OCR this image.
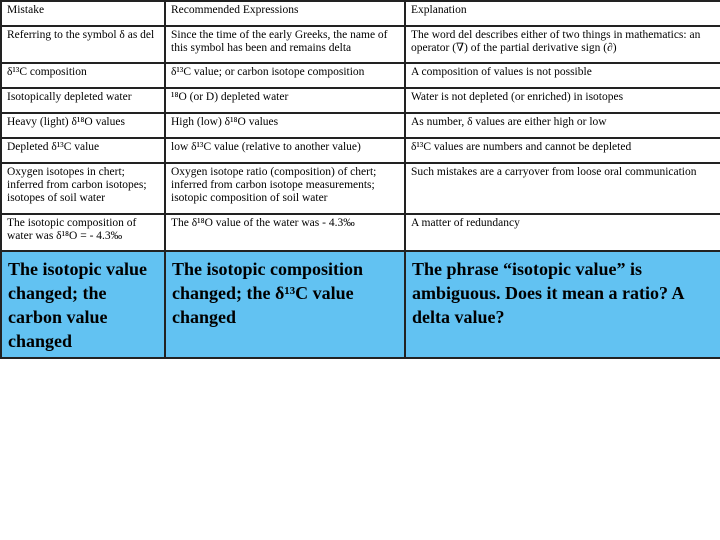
Mistake	Recommended Expressions	Explanation
Referring to the symbol δ as del	Since the time of the early Greeks, the name of this symbol has been and remains delta	The word del describes either of two things in mathematics: an operator (∇) of the partial derivative sign (∂)
δ¹³C composition	δ¹³C value; or carbon isotope composition	A composition of values is not possible
Isotopically depleted water	¹⁸O (or D) depleted water	Water is not depleted (or enriched) in isotopes
Heavy (light) δ¹⁸O values	High (low) δ¹⁸O values	As number, δ values are either high or low
Depleted δ¹³C value	low δ¹³C value (relative to another value)	δ¹³C values are numbers and cannot be depleted
Oxygen isotopes in chert; inferred from carbon isotopes; isotopes of soil water	Oxygen isotope ratio (composition) of chert; inferred from carbon isotope measurements; isotopic composition of soil water	Such mistakes are a carryover from loose oral communication
The isotopic composition of water was δ¹⁸O = - 4.3‰	The δ¹⁸O value of the water was - 4.3‰	A matter of redundancy
The isotopic value changed; the carbon value changed	The isotopic composition changed; the δ¹³C value changed	The phrase “isotopic value” is ambiguous. Does it mean a ratio? A delta value?
